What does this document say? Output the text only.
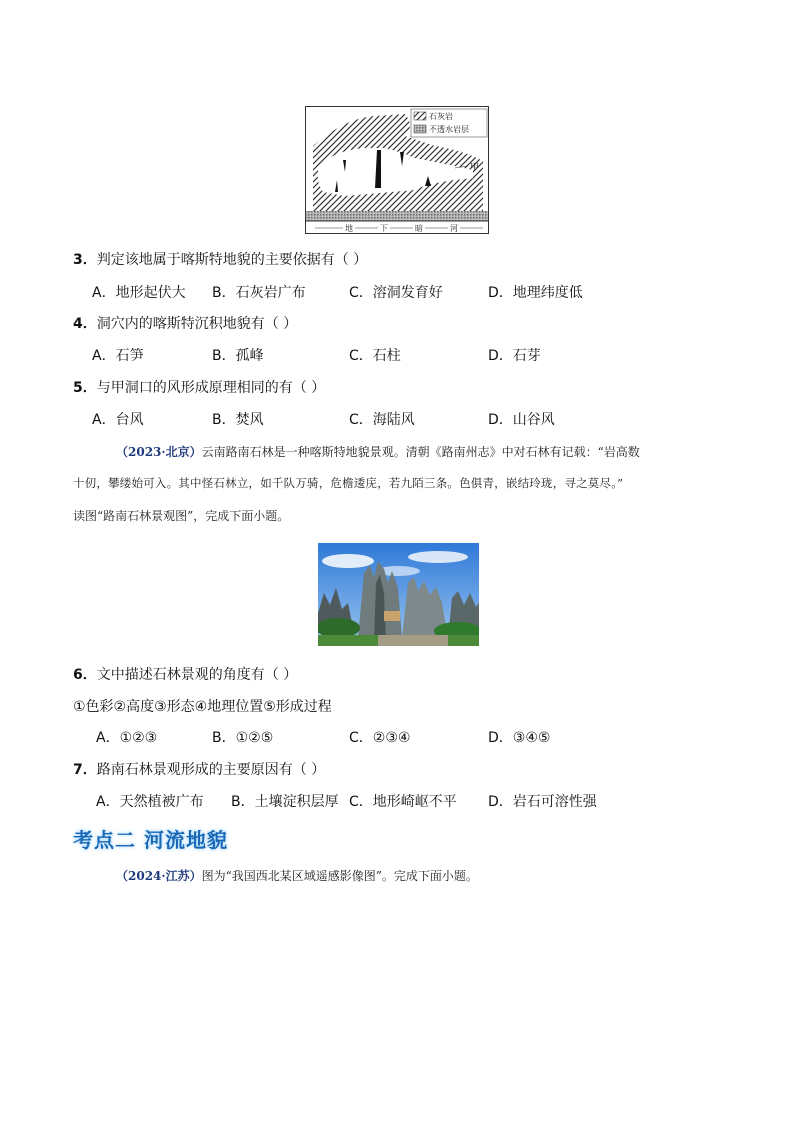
地	下	暗	河
石灰岩
不透水岩层
甲
3．判定该地属于喀斯特地貌的主要依据有（ ）
A．地形起伏大 B．石灰岩广布	C．溶洞发育好	D．地理纬度低
4．洞穴内的喀斯特沉积地貌有（ ）
A．石笋	B．孤峰	C．石柱	D．石芽
5．与甲洞口的风形成原理相同的有（ ）
A．台风	B．焚风	C．海陆风	D．山谷风
（2023·北京）云南路南石林是一种喀斯特地貌景观。清朝《路南州志》中对石林有记载：“岩高数
十仞，攀缕始可入。其中怪石林立，如千队万骑，危檐逶庑，若九陌三条。色俱青，嵌结玲珑，寻之莫尽。”
读图“路南石林景观图”，完成下面小题。
6．文中描述石林景观的角度有（ ）
①色彩②高度③形态④地理位置⑤形成过程
A．①②③	B．①②⑤	C．②③④	D．③④⑤
7．路南石林景观形成的主要原因有（ ）
A．天然植被广布 B．土壤淀积层厚 C．地形崎岖不平 D．岩石可溶性强
考点二 河流地貌
（2024·江苏）图为“我国西北某区域遥感影像图”。完成下面小题。
